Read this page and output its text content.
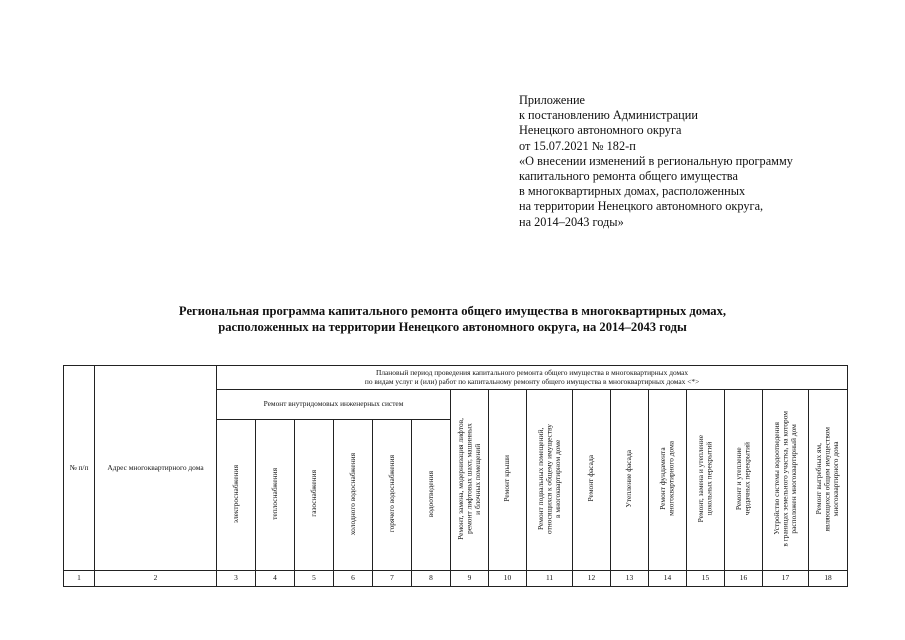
Приложение
к постановлению Администрации
Ненецкого автономного округа
от 15.07.2021 № 182-п
«О внесении изменений в региональную программу
капитального ремонта общего имущества
в многоквартирных домах, расположенных
на территории Ненецкого автономного округа,
на 2014–2043 годы»
Региональная программа капитального ремонта общего имущества в многоквартирных домах,
расположенных на территории Ненецкого автономного округа, на 2014–2043 годы
№ п/п	Адрес многоквартирного дома	Плановый период проведения капитального ремонта общего имущества в многоквартирных домах
по видам услуг и (или) работ по капитальному ремонту общего имущества в многоквартирных домах <*>															

		Ремонт внутридомовых инженерных систем						Ремонт, замена, модернизация лифтов,
ремонт лифтовых шахт, машинных
и блочных помещений	Ремонт крыши	Ремонт подвальных помещений,
относящихся к общему имуществу
в многоквартирном доме	Ремонт фасада	Утепление фасада	Ремонт фундамента
многоквартирного дома	Ремонт, замена и утепление
цокольных перекрытий	Ремонт и утепление
чердачных перекрытий	Устройство системы водоотведения
в границах земельного участка, на котором
расположен многоквартирный дом	Ремонт выгребных ям,
являющихся общим имуществом
многоквартирного дома
		электроснабжения	теплоснабжения	газоснабжения	холодного водоснабжения	горячего водоснабжения	водоотведения										
1	2	3	4	5	6	7	8	9	10	11	12	13	14	15	16	17	18
